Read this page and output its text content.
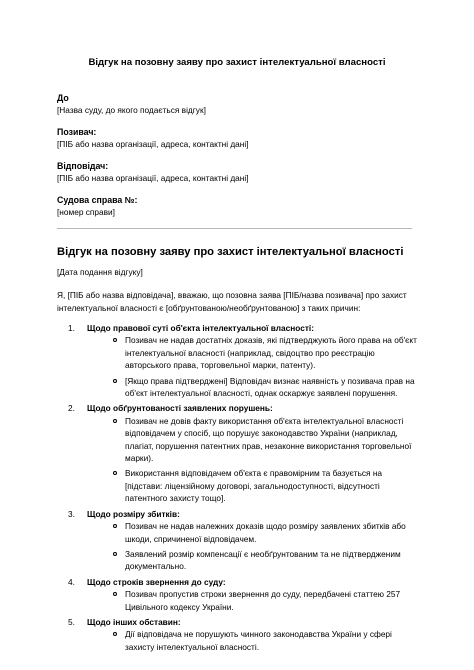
Відгук на позовну заяву про захист інтелектуальної власності
До
[Назва суду, до якого подається відгук]
Позивач:
[ПІБ або назва організації, адреса, контактні дані]
Відповідач:
[ПІБ або назва організації, адреса, контактні дані]
Судова справа №:
[номер справи]
Відгук на позовну заяву про захист інтелектуальної власності
[Дата подання відгуку]
Я, [ПІБ або назва відповідача], вважаю, що позовна заява [ПІБ/назва позивача] про захист інтелектуальної власності є [обґрунтованою/необґрунтованою] з таких причин:
1. Щодо правової суті об'єкта інтелектуальної власності:
Позивач не надав достатніх доказів, які підтверджують його права на об'єкт інтелектуальної власності (наприклад, свідоцтво про реєстрацію авторського права, торговельної марки, патенту).
[Якщо права підтверджені] Відповідач визнає наявність у позивача прав на об'єкт інтелектуальної власності, однак оскаржує заявлені порушення.
2. Щодо обґрунтованості заявлених порушень:
Позивач не довів факту використання об'єкта інтелектуальної власності відповідачем у спосіб, що порушує законодавство України (наприклад, плагіат, порушення патентних прав, незаконне використання торговельної марки).
Використання відповідачем об'єкта є правомірним та базується на [підстави: ліцензійному договорі, загальнодоступності, відсутності патентного захисту тощо].
3. Щодо розміру збитків:
Позивач не надав належних доказів щодо розміру заявлених збитків або шкоди, спричиненої відповідачем.
Заявлений розмір компенсації є необґрунтованим та не підтвердженим документально.
4. Щодо строків звернення до суду:
Позивач пропустив строки звернення до суду, передбачені статтею 257 Цивільного кодексу України.
5. Щодо інших обставин:
Дії відповідача не порушують чинного законодавства України у сфері захисту інтелектуальної власності.
